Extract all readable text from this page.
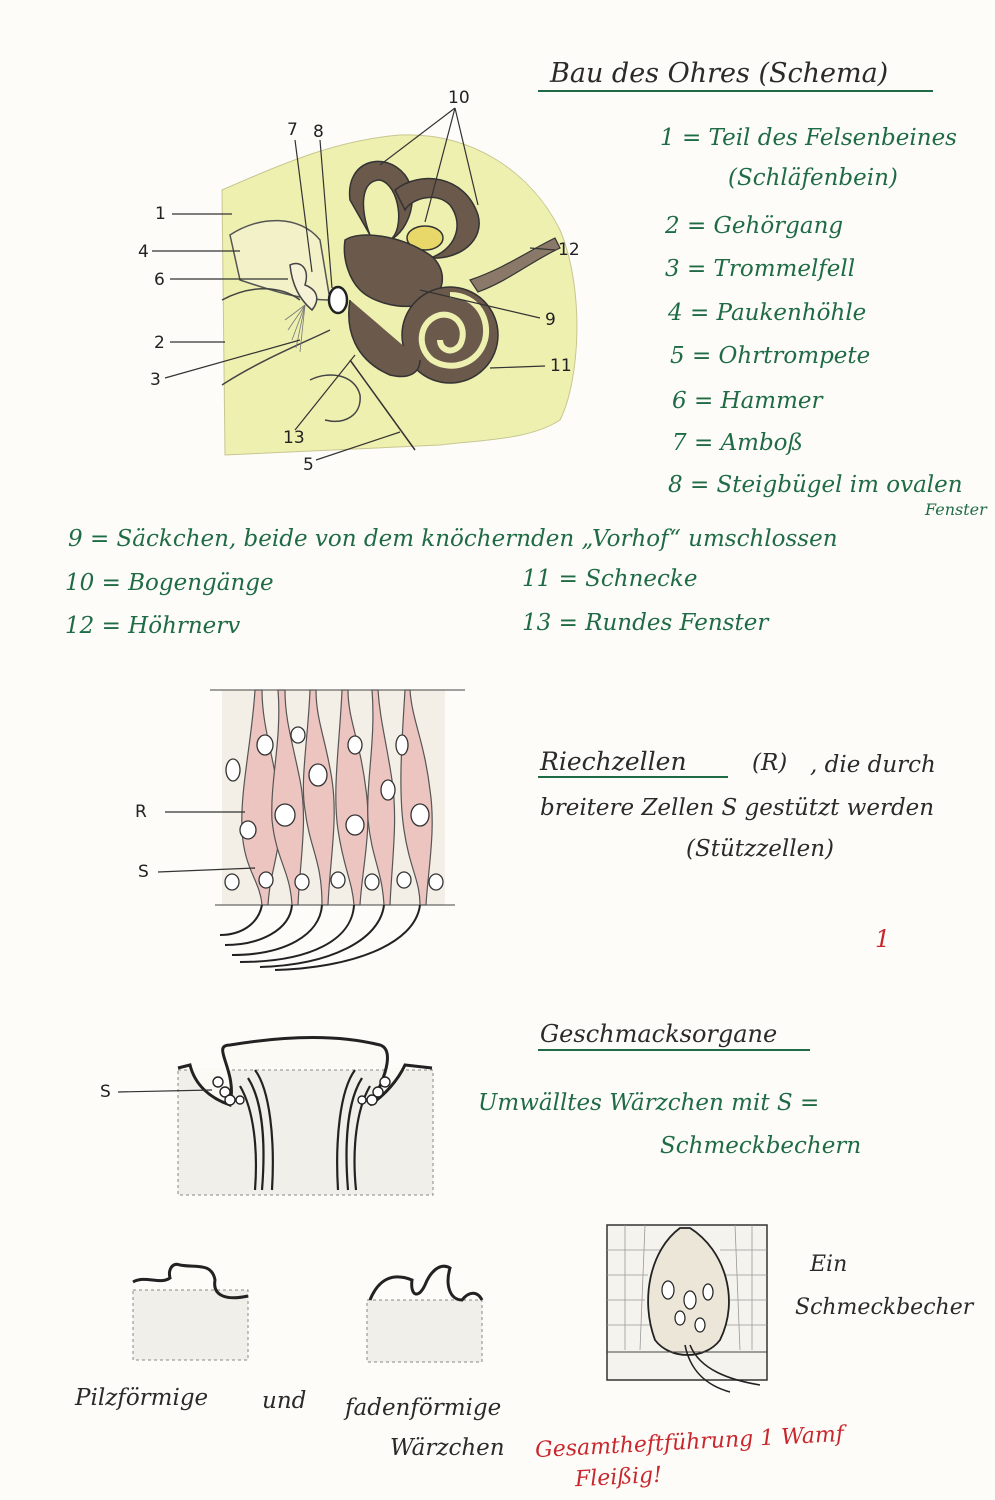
1
4
6
2
3
13
5
7 8
10
12
9
11
Bau des Ohres (Schema)
1 = Teil des Felsenbeines
(Schläfenbein)
2 = Gehörgang
3 = Trommelfell
4 = Paukenhöhle
5 = Ohrtrompete
6 = Hammer
7 = Amboß
8 = Steigbügel im ovalen
Fenster
9 = Säckchen, beide von dem knöchernden „Vorhof“ umschlossen
10 = Bogengänge	11 = Schnecke
12 = Höhrnerv	13 = Rundes Fenster
R
S
Riechzellen	(R) , die durch
breitere Zellen S gestützt werden
(Stützzellen)
1
S
Geschmacksorgane
Umwälltes Wärzchen mit S =
Schmeckbechern
Ein
Schmeckbecher
Pilzförmige und fadenförmige
Wärzchen Gesamtheftführung 1 Wamf
Fleißig!
